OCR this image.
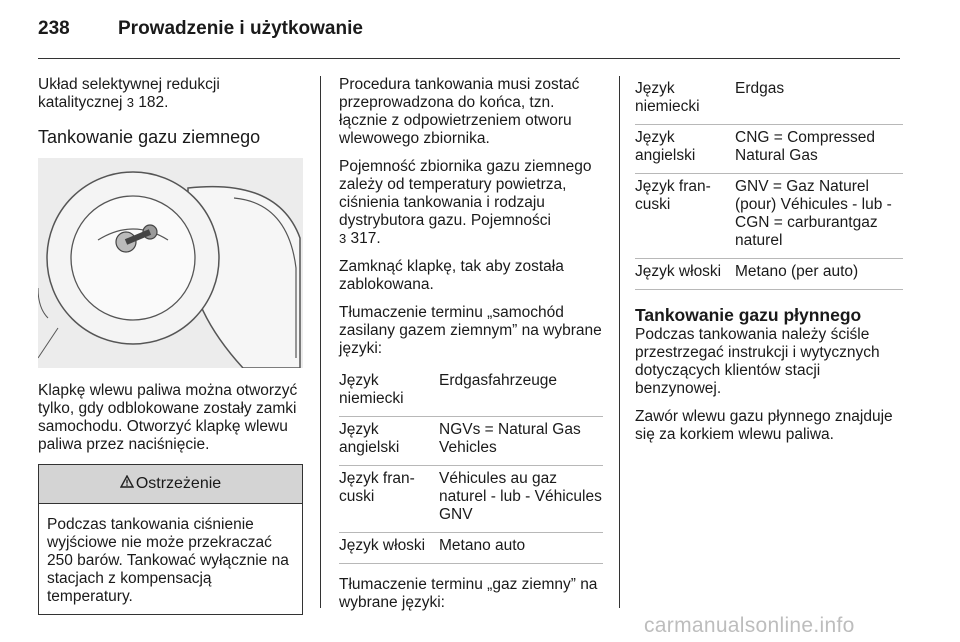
238	Prowadzenie i użytkowanie

Układ selektywnej redukcji katalitycznej 3 182.

Tankowanie gazu ziemnego

Klapkę wlewu paliwa można otworzyć tylko, gdy odblokowane zostały zamki samochodu. Otworzyć klapkę wlewu paliwa przez naciśnięcie.

Ostrzeżenie
Podczas tankowania ciśnienie wyjściowe nie może przekraczać 250 barów. Tankować wyłącznie na stacjach z kompensacją temperatury.

Procedura tankowania musi zostać przeprowadzona do końca, tzn. łącznie z odpowietrzeniem otworu wlewowego zbiornika.

Pojemność zbiornika gazu ziemnego zależy od temperatury powietrza, ciśnienia tankowania i rodzaju dystrybutora gazu. Pojemności
3 317.

Zamknąć klapkę, tak aby została zablokowana.

Tłumaczenie terminu „samochód zasilany gazem ziemnym” na wybrane języki:

Język niemiecki	Erdgasfahrzeuge
Język angielski	NGVs = Natural Gas Vehicles
Język fran-cuski	Véhicules au gaz naturel - lub - Véhicules GNV
Język włoski	Metano auto

Tłumaczenie terminu „gaz ziemny” na wybrane języki:

Język niemiecki	Erdgas
Język angielski	CNG = Compressed Natural Gas
Język fran-cuski	GNV = Gaz Naturel (pour) Véhicules - lub - CGN = carburantgaz naturel
Język włoski	Metano (per auto)
Tankowanie gazu płynnego

Podczas tankowania należy ściśle przestrzegać instrukcji i wytycznych dotyczących klientów stacji benzynowej.

Zawór wlewu gazu płynnego znajduje się za korkiem wlewu paliwa.

carmanualsonline.info
